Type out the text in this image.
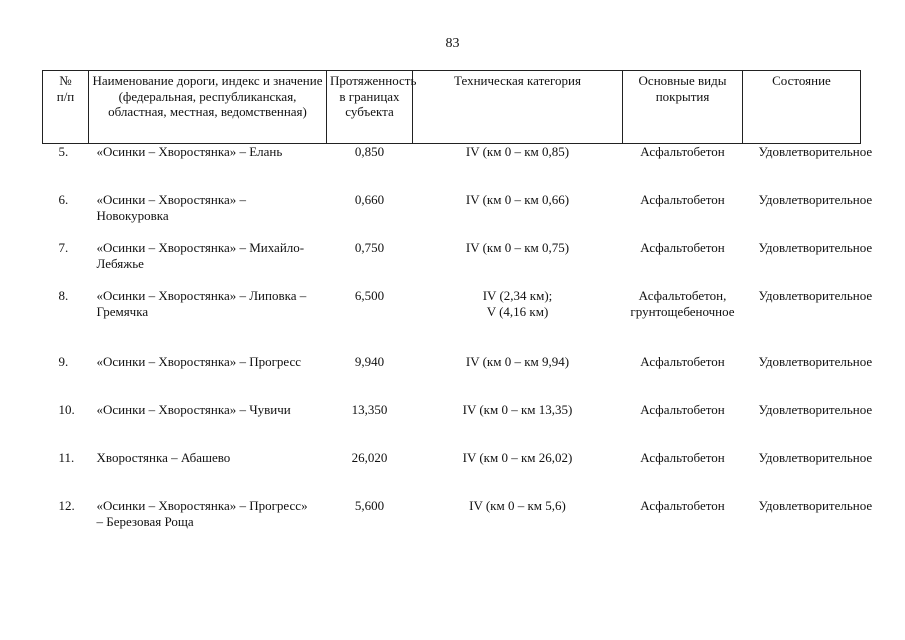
83
№
п/п	Наименование дороги, индекс и значение (федеральная, республиканская, областная, местная, ведомственная)	Протяженность в границах субъекта	Техническая категория	Основные виды покрытия	Состояние
5.	«Осинки – Хворостянка» – Елань	0,850	IV (км 0 – км 0,85)	Асфальтобетон	Удовлетворительное
6.	«Осинки – Хворостянка» – Новокуровка	0,660	IV (км 0 – км 0,66)	Асфальтобетон	Удовлетворительное
7.	«Осинки – Хворостянка» – Михайло-Лебяжье	0,750	IV (км 0 – км 0,75)	Асфальтобетон	Удовлетворительное
8.	«Осинки – Хворостянка» – Липовка – Гремячка	6,500	IV (2,34 км);
V (4,16 км)	Асфальтобетон, грунтощебеночное	Удовлетворительное
9.	«Осинки – Хворостянка» – Прогресс	9,940	IV (км 0 – км 9,94)	Асфальтобетон	Удовлетворительное
10.	«Осинки – Хворостянка» – Чувичи	13,350	IV (км 0 – км 13,35)	Асфальтобетон	Удовлетворительное
11.	Хворостянка – Абашево	26,020	IV (км 0 – км 26,02)	Асфальтобетон	Удовлетворительное
12.	«Осинки – Хворостянка» – Прогресс» – Березовая Роща	5,600	IV (км 0 – км 5,6)	Асфальтобетон	Удовлетворительное
